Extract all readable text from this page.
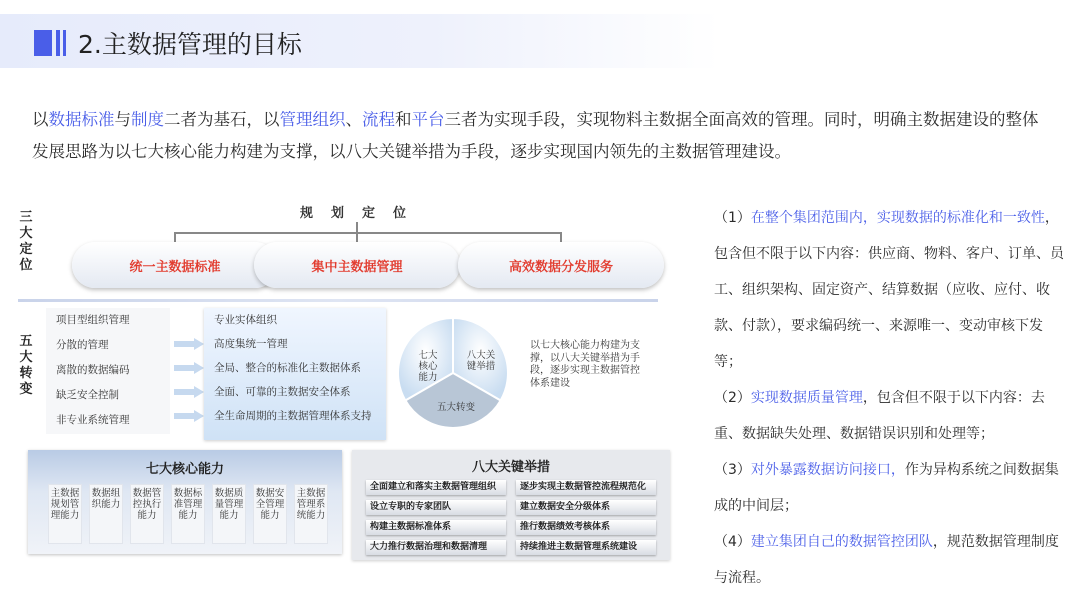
2.主数据管理的目标

以数据标准与制度二者为基石，以管理组织、流程和平台三者为实现手段，实现物料主数据全面高效的管理。同时，明确主数据建设的整体发展思路为以七大核心能力构建为支撑，以八大关键举措为手段，逐步实现国内领先的主数据管理建设。

三大定位
五大转变
规划定位
统一主数据标准	集中主数据管理	高效数据分发服务
项目型组织管理
分散的管理
离散的数据编码
缺乏安全控制
非专业系统管理
专业实体组织
高度集统一管理
全局、整合的标准化主数据体系
全面、可靠的主数据安全体系
全生命周期的主数据管理体系支持
七大核心能力
八大关键举措
五大转变
以七大核心能力构建为支撑，以八大关键举措为手段，逐步实现主数据管控体系建设
七大核心能力
主数据规划管理能力
数据组织能力
数据管控执行能力
数据标准管理能力
数据质量管理能力
数据安全管理能力
主数据管理系统能力
八大关键举措
全面建立和落实主数据管理组织	逐步实现主数据管控流程规范化
设立专职的专家团队	建立数据安全分级体系
构建主数据标准体系	推行数据绩效考核体系
大力推行数据治理和数据清理	持续推进主数据管理系统建设

（1）在整个集团范围内，实现数据的标准化和一致性，包含但不限于以下内容：供应商、物料、客户、订单、员工、组织架构、固定资产、结算数据（应收、应付、收款、付款），要求编码统一、来源唯一、变动审核下发等；

（2）实现数据质量管理，包含但不限于以下内容：去重、数据缺失处理、数据错误识别和处理等；

（3）对外暴露数据访问接口，作为异构系统之间数据集成的中间层；

（4）建立集团自己的数据管控团队，规范数据管理制度与流程。
